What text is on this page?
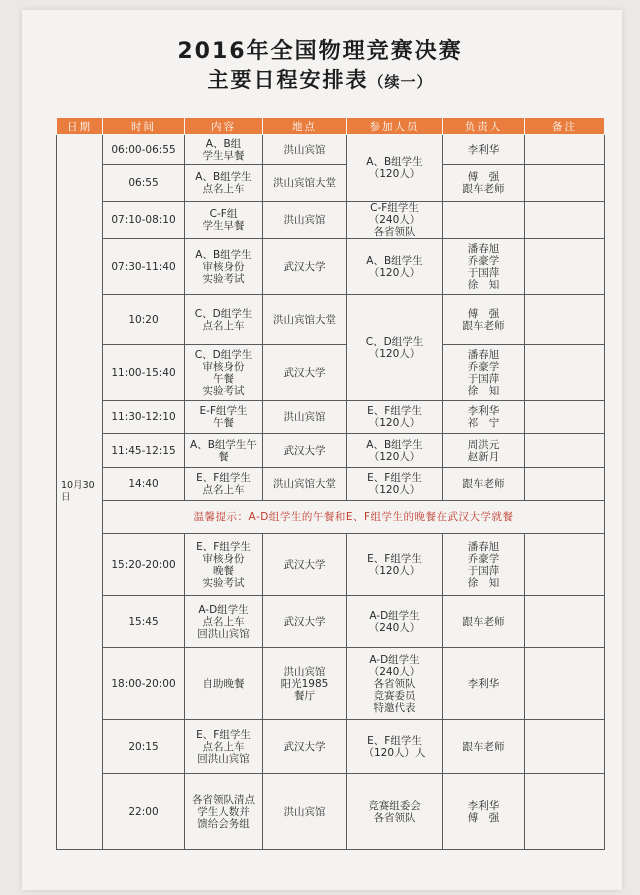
2016年全国物理竞赛决赛
主要日程安排表（续一）
日期	时间	内容	地点	参加人员	负责人	备注
10月30日	06:00-06:55	A、B组
学生早餐	洪山宾馆	A、B组学生
（120人）	李利华	
	06:55	A、B组学生
点名上车	洪山宾馆大堂		傅　强
跟车老师	
	07:10-08:10	C-F组
学生早餐	洪山宾馆	C-F组学生
（240人）
各省领队		
	07:30-11:40	A、B组学生
审核身份
实验考试	武汉大学	A、B组学生
（120人）	潘春旭
乔豪学
于国萍
徐　知	
	10:20	C、D组学生
点名上车	洪山宾馆大堂	C、D组学生
（120人）	傅　强
跟车老师	
	11:00-15:40	C、D组学生
审核身份
午餐
实验考试	武汉大学		潘春旭
乔豪学
于国萍
徐　知	
	11:30-12:10	E-F组学生
午餐	洪山宾馆	E、F组学生
（120人）	李利华
祁　宁	
	11:45-12:15	A、B组学生午餐	武汉大学	A、B组学生
（120人）	周洪元
赵新月	
	14:40	E、F组学生
点名上车	洪山宾馆大堂	E、F组学生
（120人）	跟车老师	
	温馨提示：A-D组学生的午餐和E、F组学生的晚餐在武汉大学就餐					
	15:20-20:00	E、F组学生
审核身份
晚餐
实验考试	武汉大学	E、F组学生
（120人）	潘春旭
乔豪学
于国萍
徐　知	
	15:45	A-D组学生
点名上车
回洪山宾馆	武汉大学	A-D组学生
（240人）	跟车老师	
	18:00-20:00	自助晚餐	洪山宾馆
阳光1985
餐厅	A-D组学生
（240人）
各省领队
竞赛委员
特邀代表	李利华	
	20:15	E、F组学生
点名上车
回洪山宾馆	武汉大学	E、F组学生
（120人）人	跟车老师	
	22:00	各省领队清点
学生人数并
馈给会务组	洪山宾馆	竞赛组委会
各省领队	李利华
傅　强	
